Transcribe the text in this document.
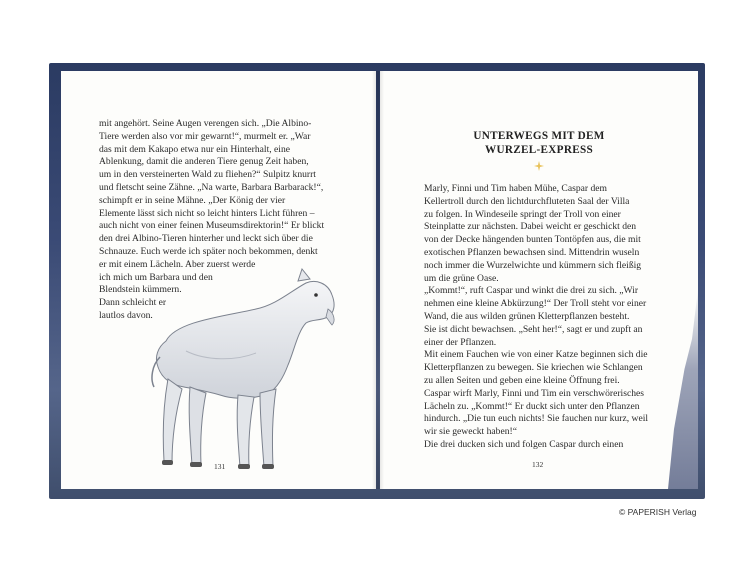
mit angehört. Seine Augen verengen sich. „Die Albino-
Tiere werden also vor mir gewarnt!“, murmelt er. „War
das mit dem Kakapo etwa nur ein Hinterhalt, eine
Ablenkung, damit die anderen Tiere genug Zeit haben,
um in den versteinerten Wald zu fliehen?“ Sulpitz knurrt
und fletscht seine Zähne. „Na warte, Barbara Barbarack!“,
schimpft er in seine Mähne. „Der König der vier
Elemente lässt sich nicht so leicht hinters Licht führen –
auch nicht von einer feinen Museumsdirektorin!“ Er blickt
den drei Albino-Tieren hinterher und leckt sich über die
Schnauze. Euch werde ich später noch bekommen, denkt
er mit einem Lächeln. Aber zuerst werde
ich mich um Barbara und den
Blendstein kümmern.
Dann schleicht er
lautlos davon.
131
UNTERWEGS MIT DEM
WURZEL-EXPRESS
Marly, Finni und Tim haben Mühe, Caspar dem
Kellertroll durch den lichtdurchfluteten Saal der Villa
zu folgen. In Windeseile springt der Troll von einer
Steinplatte zur nächsten. Dabei weicht er geschickt den
von der Decke hängenden bunten Tontöpfen aus, die mit
exotischen Pflanzen bewachsen sind. Mittendrin wuseln
noch immer die Wurzelwichte und kümmern sich fleißig
um die grüne Oase.
„Kommt!“, ruft Caspar und winkt die drei zu sich. „Wir
nehmen eine kleine Abkürzung!“ Der Troll steht vor einer
Wand, die aus wilden grünen Kletterpflanzen besteht.
Sie ist dicht bewachsen. „Seht her!“, sagt er und zupft an
einer der Pflanzen.
Mit einem Fauchen wie von einer Katze beginnen sich die
Kletterpflanzen zu bewegen. Sie kriechen wie Schlangen
zu allen Seiten und geben eine kleine Öffnung frei.
Caspar wirft Marly, Finni und Tim ein verschwörerisches
Lächeln zu. „Kommt!“ Er duckt sich unter den Pflanzen
hindurch. „Die tun euch nichts! Sie fauchen nur kurz, weil
wir sie geweckt haben!“
Die drei ducken sich und folgen Caspar durch einen
132
© PAPERISH Verlag
